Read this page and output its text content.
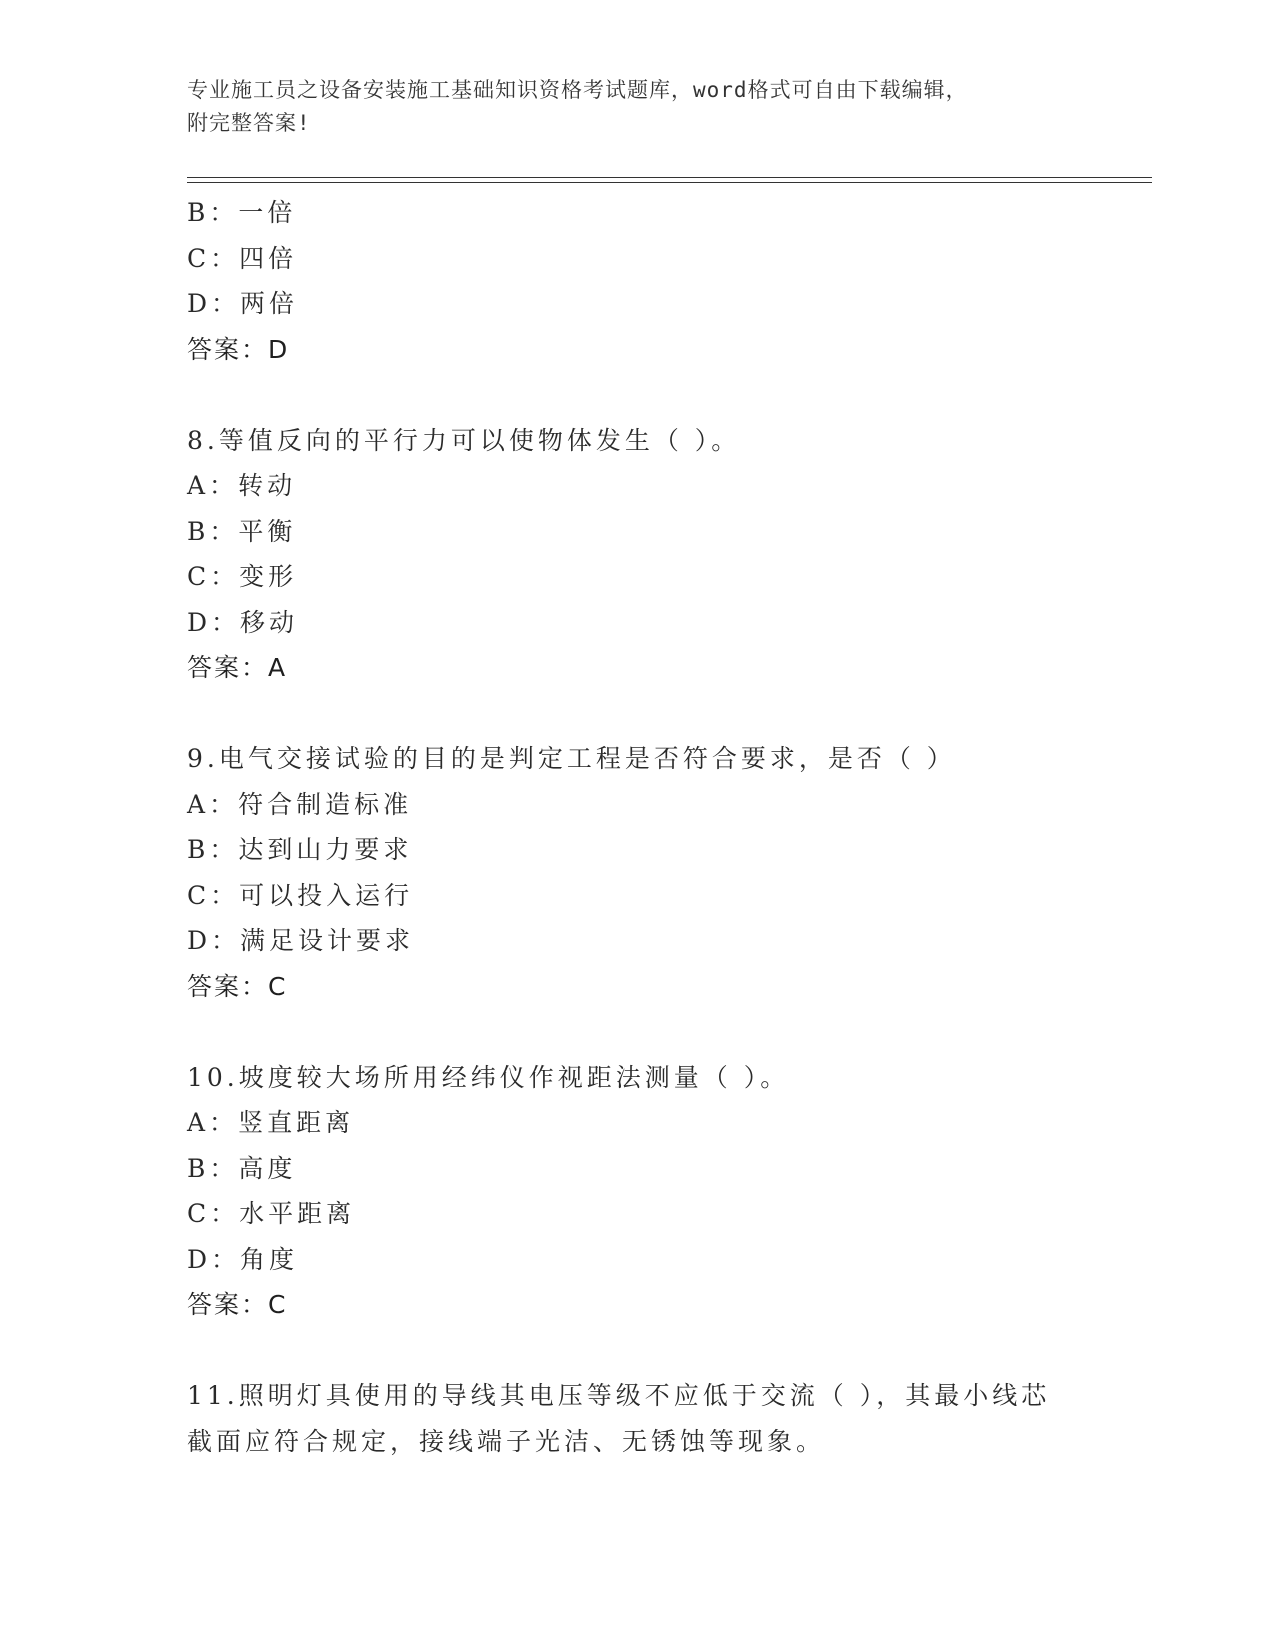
专业施工员之设备安装施工基础知识资格考试题库，word格式可自由下载编辑，
附完整答案!
B：一倍
C：四倍
D：两倍
答案：D
8.等值反向的平行力可以使物体发生（ ）。
A：转动
B：平衡
C：变形
D：移动
答案：A
9.电气交接试验的目的是判定工程是否符合要求，是否（ ）
A：符合制造标准
B：达到山力要求
C：可以投入运行
D：满足设计要求
答案：C
10.坡度较大场所用经纬仪作视距法测量（ ）。
A：竖直距离
B：高度
C：水平距离
D：角度
答案：C
11.照明灯具使用的导线其电压等级不应低于交流（ ），其最小线芯截面应符合规定，接线端子光洁、无锈蚀等现象。
